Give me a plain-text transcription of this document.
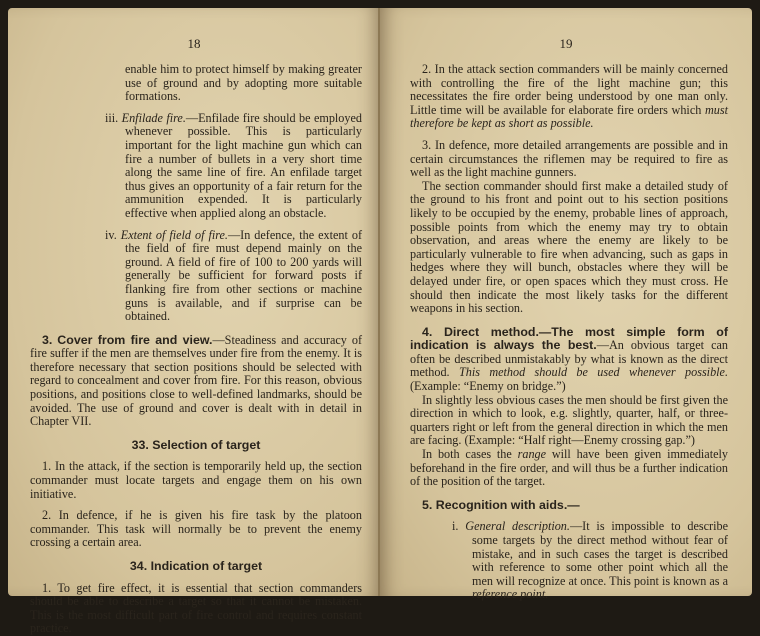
18

enable him to protect himself by making greater use of ground and by adopting more suitable formations.

iii. Enfilade fire.—Enfilade fire should be employed whenever possible. This is particularly important for the light machine gun which can fire a number of bullets in a very short time along the same line of fire. An enfilade target thus gives an opportunity of a fair return for the ammunition expended. It is particularly effective when applied along an obstacle.

iv. Extent of field of fire.—In defence, the extent of the field of fire must depend mainly on the ground. A field of fire of 100 to 200 yards will generally be sufficient for forward posts if flanking fire from other sections or machine guns is available, and if surprise can be obtained.

3. Cover from fire and view.—Steadiness and accuracy of fire suffer if the men are themselves under fire from the enemy. It is therefore necessary that section positions should be selected with regard to concealment and cover from fire. For this reason, obvious positions, and positions close to well-defined landmarks, should be avoided. The use of ground and cover is dealt with in detail in Chapter VII.

33. Selection of target

1. In the attack, if the section is temporarily held up, the section commander must locate targets and engage them on his own initiative.

2. In defence, if he is given his fire task by the platoon commander. This task will normally be to prevent the enemy crossing a certain area.

34. Indication of target

1. To get fire effect, it is essential that section commanders should be able to describe a target so that it cannot be mistaken. This is the most difficult part of fire control and requires constant practice.

19

2. In the attack section commanders will be mainly concerned with controlling the fire of the light machine gun; this necessitates the fire order being understood by one man only. Little time will be available for elaborate fire orders which must therefore be kept as short as possible.

3. In defence, more detailed arrangements are possible and in certain circumstances the riflemen may be required to fire as well as the light machine gunners.

The section commander should first make a detailed study of the ground to his front and point out to his section positions likely to be occupied by the enemy, probable lines of approach, possible points from which the enemy may try to obtain observation, and areas where the enemy are likely to be particularly vulnerable to fire when advancing, such as gaps in hedges where they will bunch, obstacles where they will be delayed under fire, or open spaces which they must cross. He should then indicate the most likely tasks for the different weapons in his section.

4. Direct method.—The most simple form of indication is always the best.—An obvious target can often be described unmistakably by what is known as the direct method. This method should be used whenever possible. (Example: “Enemy on bridge.”)

In slightly less obvious cases the men should be first given the direction in which to look, e.g. slightly, quarter, half, or three-quarters right or left from the general direction in which the men are facing. (Example: “Half right—Enemy crossing gap.”)

In both cases the range will have been given immediately beforehand in the fire order, and will thus be a further indication of the position of the target.

5. Recognition with aids.—

i. General description.—It is impossible to describe some targets by the direct method without fear of mistake, and in such cases the target is described with reference to some other point which all the men will recognize at once. This point is known as a reference point.
